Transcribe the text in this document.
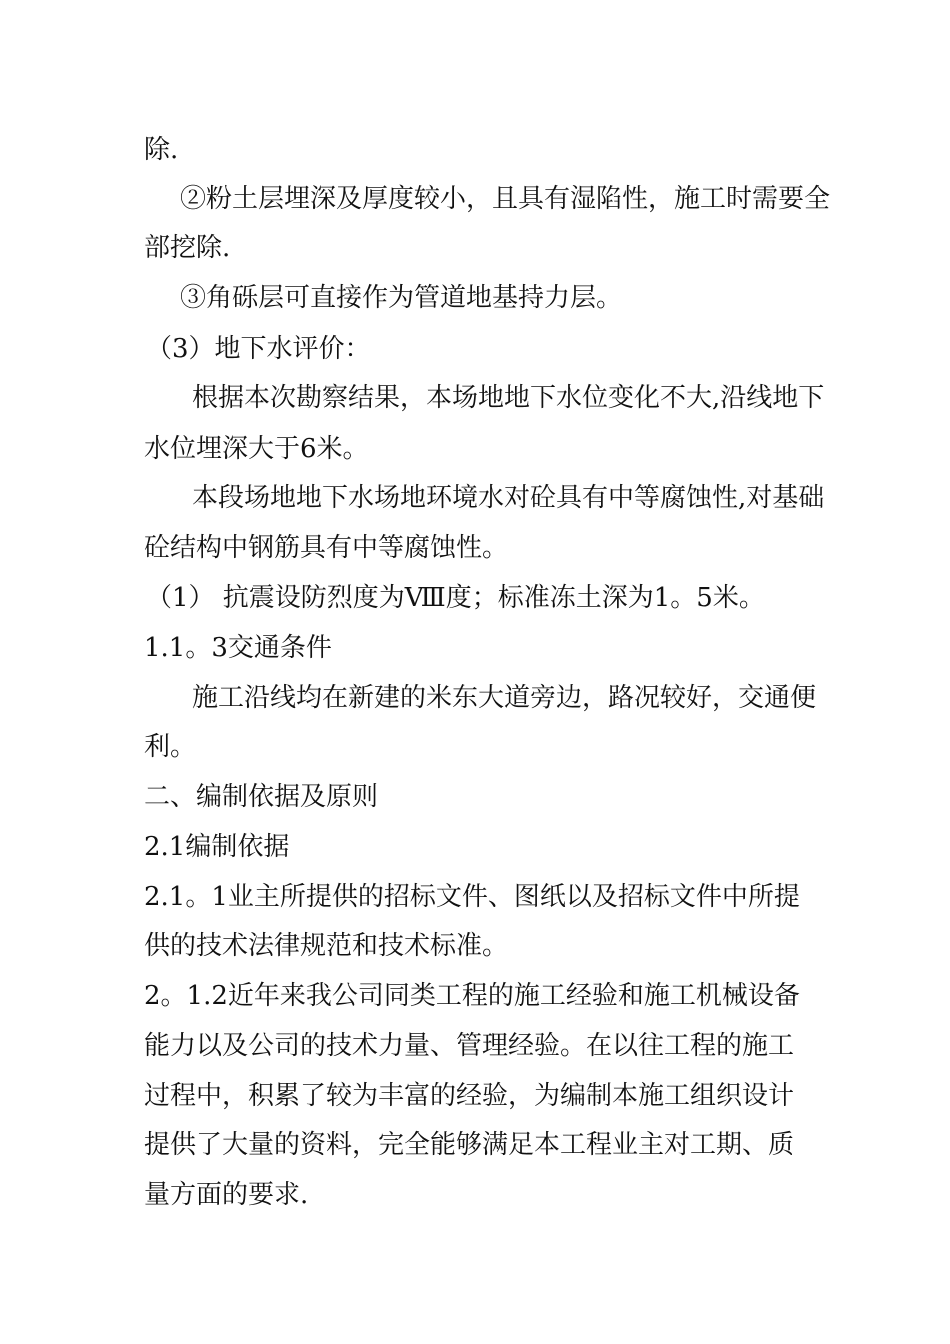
除.
②粉土层埋深及厚度较小，且具有湿陷性，施工时需要全
部挖除.
③角砾层可直接作为管道地基持力层。
（3）地下水评价：
根据本次勘察结果，本场地地下水位变化不大,沿线地下
水位埋深大于6米。
本段场地地下水场地环境水对砼具有中等腐蚀性,对基础
砼结构中钢筋具有中等腐蚀性。
（1） 抗震设防烈度为Ⅷ度；标准冻土深为1。5米。
1.1。3交通条件
施工沿线均在新建的米东大道旁边，路况较好，交通便
利。
二、编制依据及原则
2.1编制依据
2.1。1业主所提供的招标文件、图纸以及招标文件中所提
供的技术法律规范和技术标准。
2。1.2近年来我公司同类工程的施工经验和施工机械设备
能力以及公司的技术力量、管理经验。在以往工程的施工
过程中，积累了较为丰富的经验，为编制本施工组织设计
提供了大量的资料，完全能够满足本工程业主对工期、质
量方面的要求.
